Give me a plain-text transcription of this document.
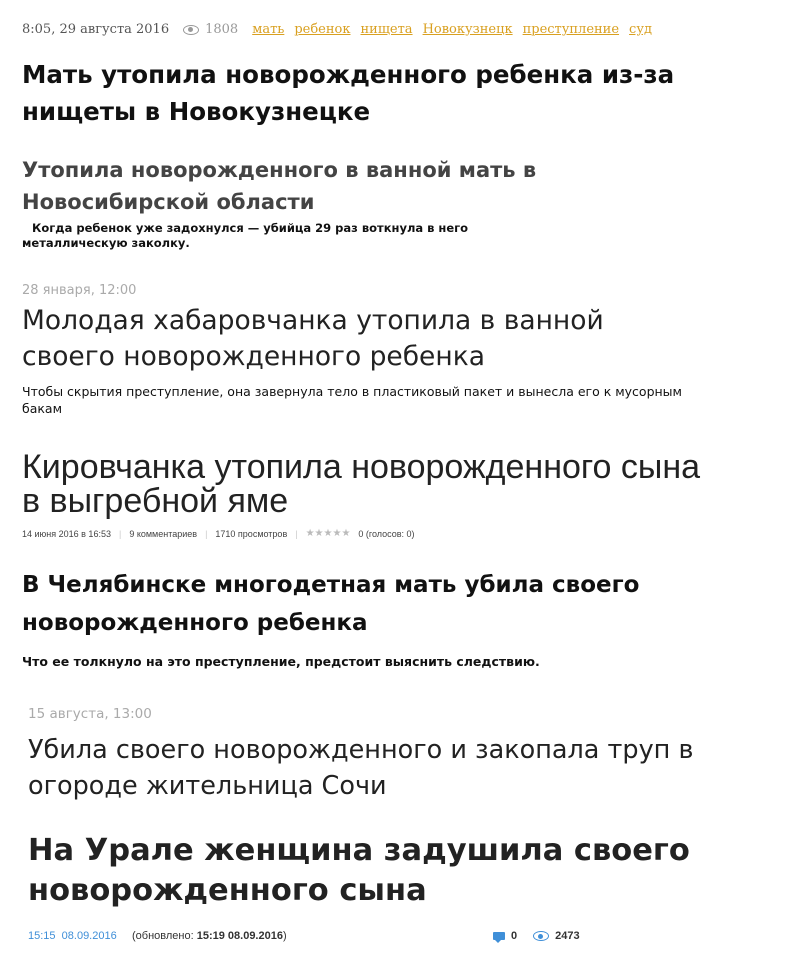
8:05, 29 августа 2016	1808 мать ребенок нищета Новокузнецк преступление суд
Мать утопила новорожденного ребенка из-за нищеты в Новокузнецке
Утопила новорожденного в ванной мать в Новосибирской области
Когда ребенок уже задохнулся — убийца 29 раз воткнула в него металлическую заколку.
28 января, 12:00
Молодая хабаровчанка утопила в ванной своего новорожденного ребенка
Чтобы скрытия преступление, она завернула тело в пластиковый пакет и вынесла его к мусорным бакам
Кировчанка утопила новорожденного сына в выгребной яме
14 июня 2016 в 16:53 | 9 комментариев | 1710 просмотров | ★★★★★ 0 (голосов: 0)
В Челябинске многодетная мать убила своего новорожденного ребенка
Что ее толкнуло на это преступление, предстоит выяснить следствию.
15 августа, 13:00
Убила своего новорожденного и закопала труп в огороде жительница Сочи
На Урале женщина задушила своего новорожденного сына
15:15 08.09.2016 (обновлено: 15:19 08.09.2016)	0	2473
